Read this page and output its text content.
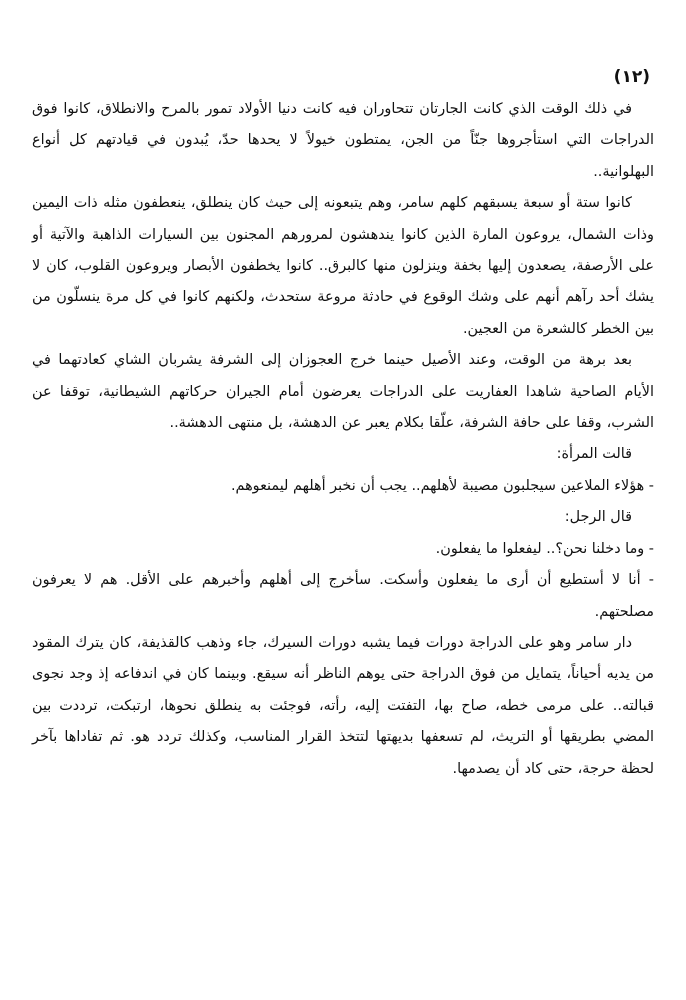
(١٢)

في ذلك الوقت الذي كانت الجارتان تتحاوران فيه كانت دنيا الأولاد تمور بالمرح والانطلاق، كانوا فوق الدراجات التي استأجروها جنّاً من الجن، يمتطون خيولاً لا يحدها حدّ، يُبدون في قيادتهم كل أنواع البهلوانية..

كانوا ستة أو سبعة يسبقهم كلهم سامر، وهم يتبعونه إلى حيث كان ينطلق، ينعطفون مثله ذات اليمين وذات الشمال، يروعون المارة الذين كانوا يندهشون لمرورهم المجنون بين السيارات الذاهبة والآتية أو على الأرصفة، يصعدون إليها بخفة وينزلون منها كالبرق.. كانوا يخطفون الأبصار ويروعون القلوب، كان لا يشك أحد رآهم أنهم على وشك الوقوع في حادثة مروعة ستحدث، ولكنهم كانوا في كل مرة ينسلّون من بين الخطر كالشعرة من العجين.

بعد برهة من الوقت، وعند الأصيل حينما خرج العجوزان إلى الشرفة يشربان الشاي كعادتهما في الأيام الصاحية شاهدا العفاريت على الدراجات يعرضون أمام الجيران حركاتهم الشيطانية، توقفا عن الشرب، وقفا على حافة الشرفة، علّقا بكلام يعبر عن الدهشة، بل منتهى الدهشة..

قالت المرأة:

- هؤلاء الملاعين سيجلبون مصيبة لأهلهم.. يجب أن نخبر أهلهم ليمنعوهم.

قال الرجل:

- وما دخلنا نحن؟.. ليفعلوا ما يفعلون.

- أنا لا أستطيع أن أرى ما يفعلون وأسكت. سأخرج إلى أهلهم وأخبرهم على الأقل. هم لا يعرفون مصلحتهم.

دار سامر وهو على الدراجة دورات فيما يشبه دورات السيرك، جاء وذهب كالقذيفة، كان يترك المقود من يديه أحياناً، يتمايل من فوق الدراجة حتى يوهم الناظر أنه سيقع. وبينما كان في اندفاعه إذ وجد نجوى قبالته.. على مرمى خطه، صاح بها، التفتت إليه، رأته، فوجئت به ينطلق نحوها، ارتبكت، ترددت بين المضي بطريقها أو التريث، لم تسعفها بديهتها لتتخذ القرار المناسب، وكذلك تردد هو. ثم تفاداها بآخر لحظة حرجة، حتى كاد أن يصدمها.
